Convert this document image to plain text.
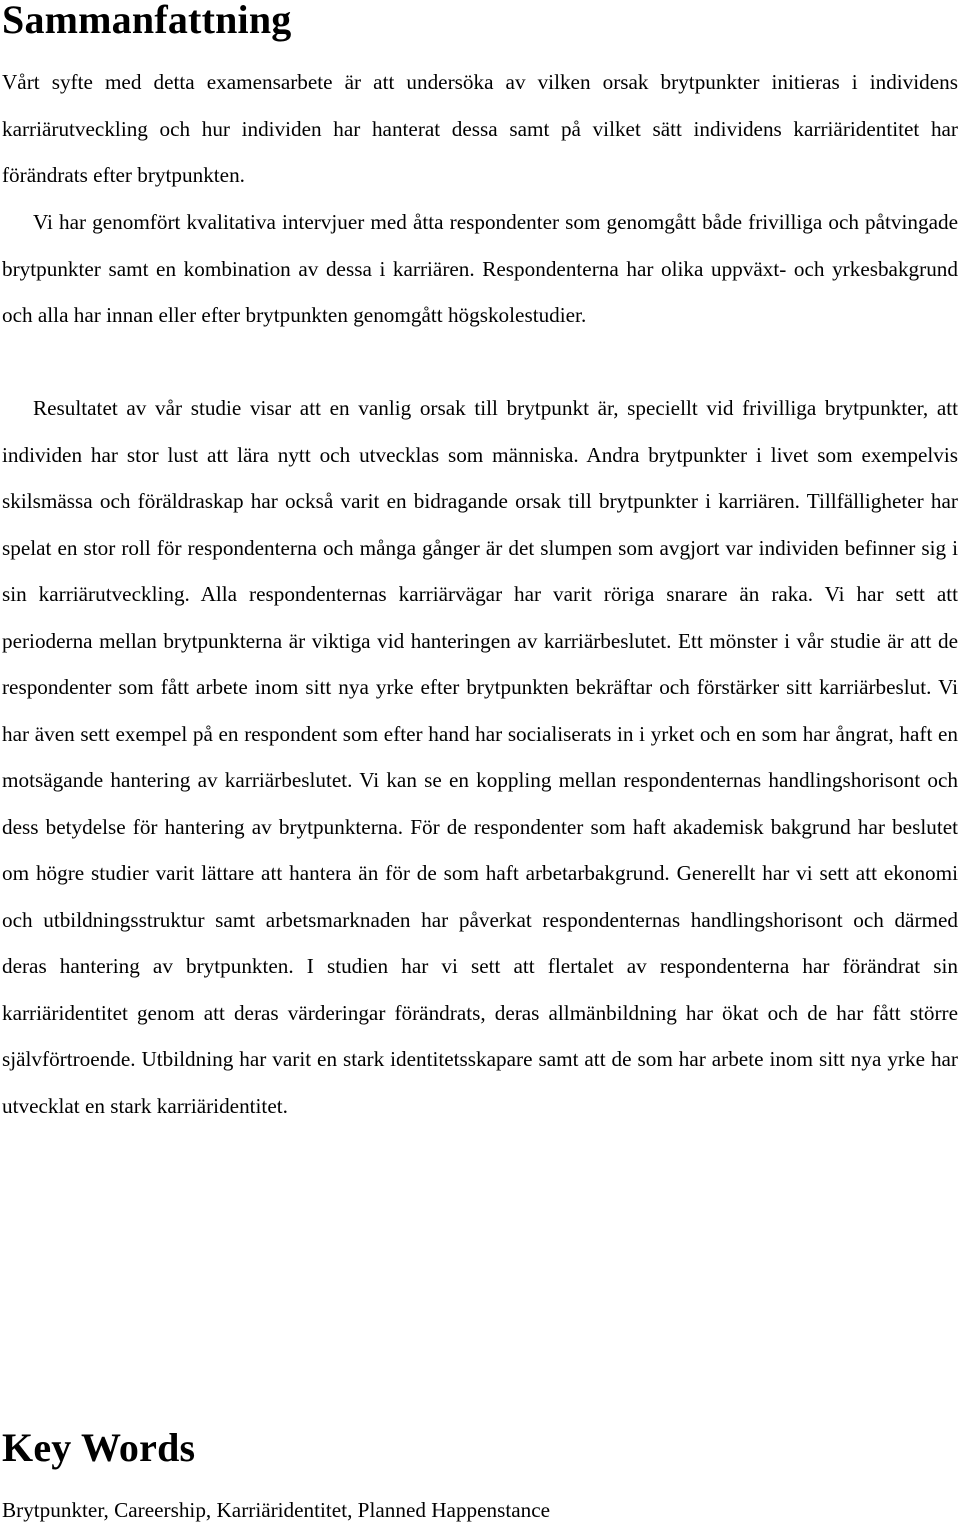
Sammanfattning

Vårt syfte med detta examensarbete är att undersöka av vilken orsak brytpunkter initieras i individens karriärutveckling och hur individen har hanterat dessa samt på vilket sätt individens karriäridentitet har förändrats efter brytpunkten.

Vi har genomfört kvalitativa intervjuer med åtta respondenter som genomgått både frivilliga och påtvingade brytpunkter samt en kombination av dessa i karriären. Respondenterna har olika uppväxt- och yrkesbakgrund och alla har innan eller efter brytpunkten genomgått högskolestudier.

Resultatet av vår studie visar att en vanlig orsak till brytpunkt är, speciellt vid frivilliga brytpunkter, att individen har stor lust att lära nytt och utvecklas som människa. Andra brytpunkter i livet som exempelvis skilsmässa och föräldraskap har också varit en bidragande orsak till brytpunkter i karriären. Tillfälligheter har spelat en stor roll för respondenterna och många gånger är det slumpen som avgjort var individen befinner sig i sin karriärutveckling. Alla respondenternas karriärvägar har varit röriga snarare än raka. Vi har sett att perioderna mellan brytpunkterna är viktiga vid hanteringen av karriärbeslutet. Ett mönster i vår studie är att de respondenter som fått arbete inom sitt nya yrke efter brytpunkten bekräftar och förstärker sitt karriärbeslut. Vi har även sett exempel på en respondent som efter hand har socialiserats in i yrket och en som har ångrat, haft en motsägande hantering av karriärbeslutet. Vi kan se en koppling mellan respondenternas handlingshorisont och dess betydelse för hantering av brytpunkterna. För de respondenter som haft akademisk bakgrund har beslutet om högre studier varit lättare att hantera än för de som haft arbetarbakgrund. Generellt har vi sett att ekonomi och utbildningsstruktur samt arbetsmarknaden har påverkat respondenternas handlingshorisont och därmed deras hantering av brytpunkten. I studien har vi sett att flertalet av respondenterna har förändrat sin karriäridentitet genom att deras värderingar förändrats, deras allmänbildning har ökat och de har fått större självförtroende. Utbildning har varit en stark identitetsskapare samt att de som har arbete inom sitt nya yrke har utvecklat en stark karriäridentitet.

Key Words

Brytpunkter, Careership, Karriäridentitet, Planned Happenstance
